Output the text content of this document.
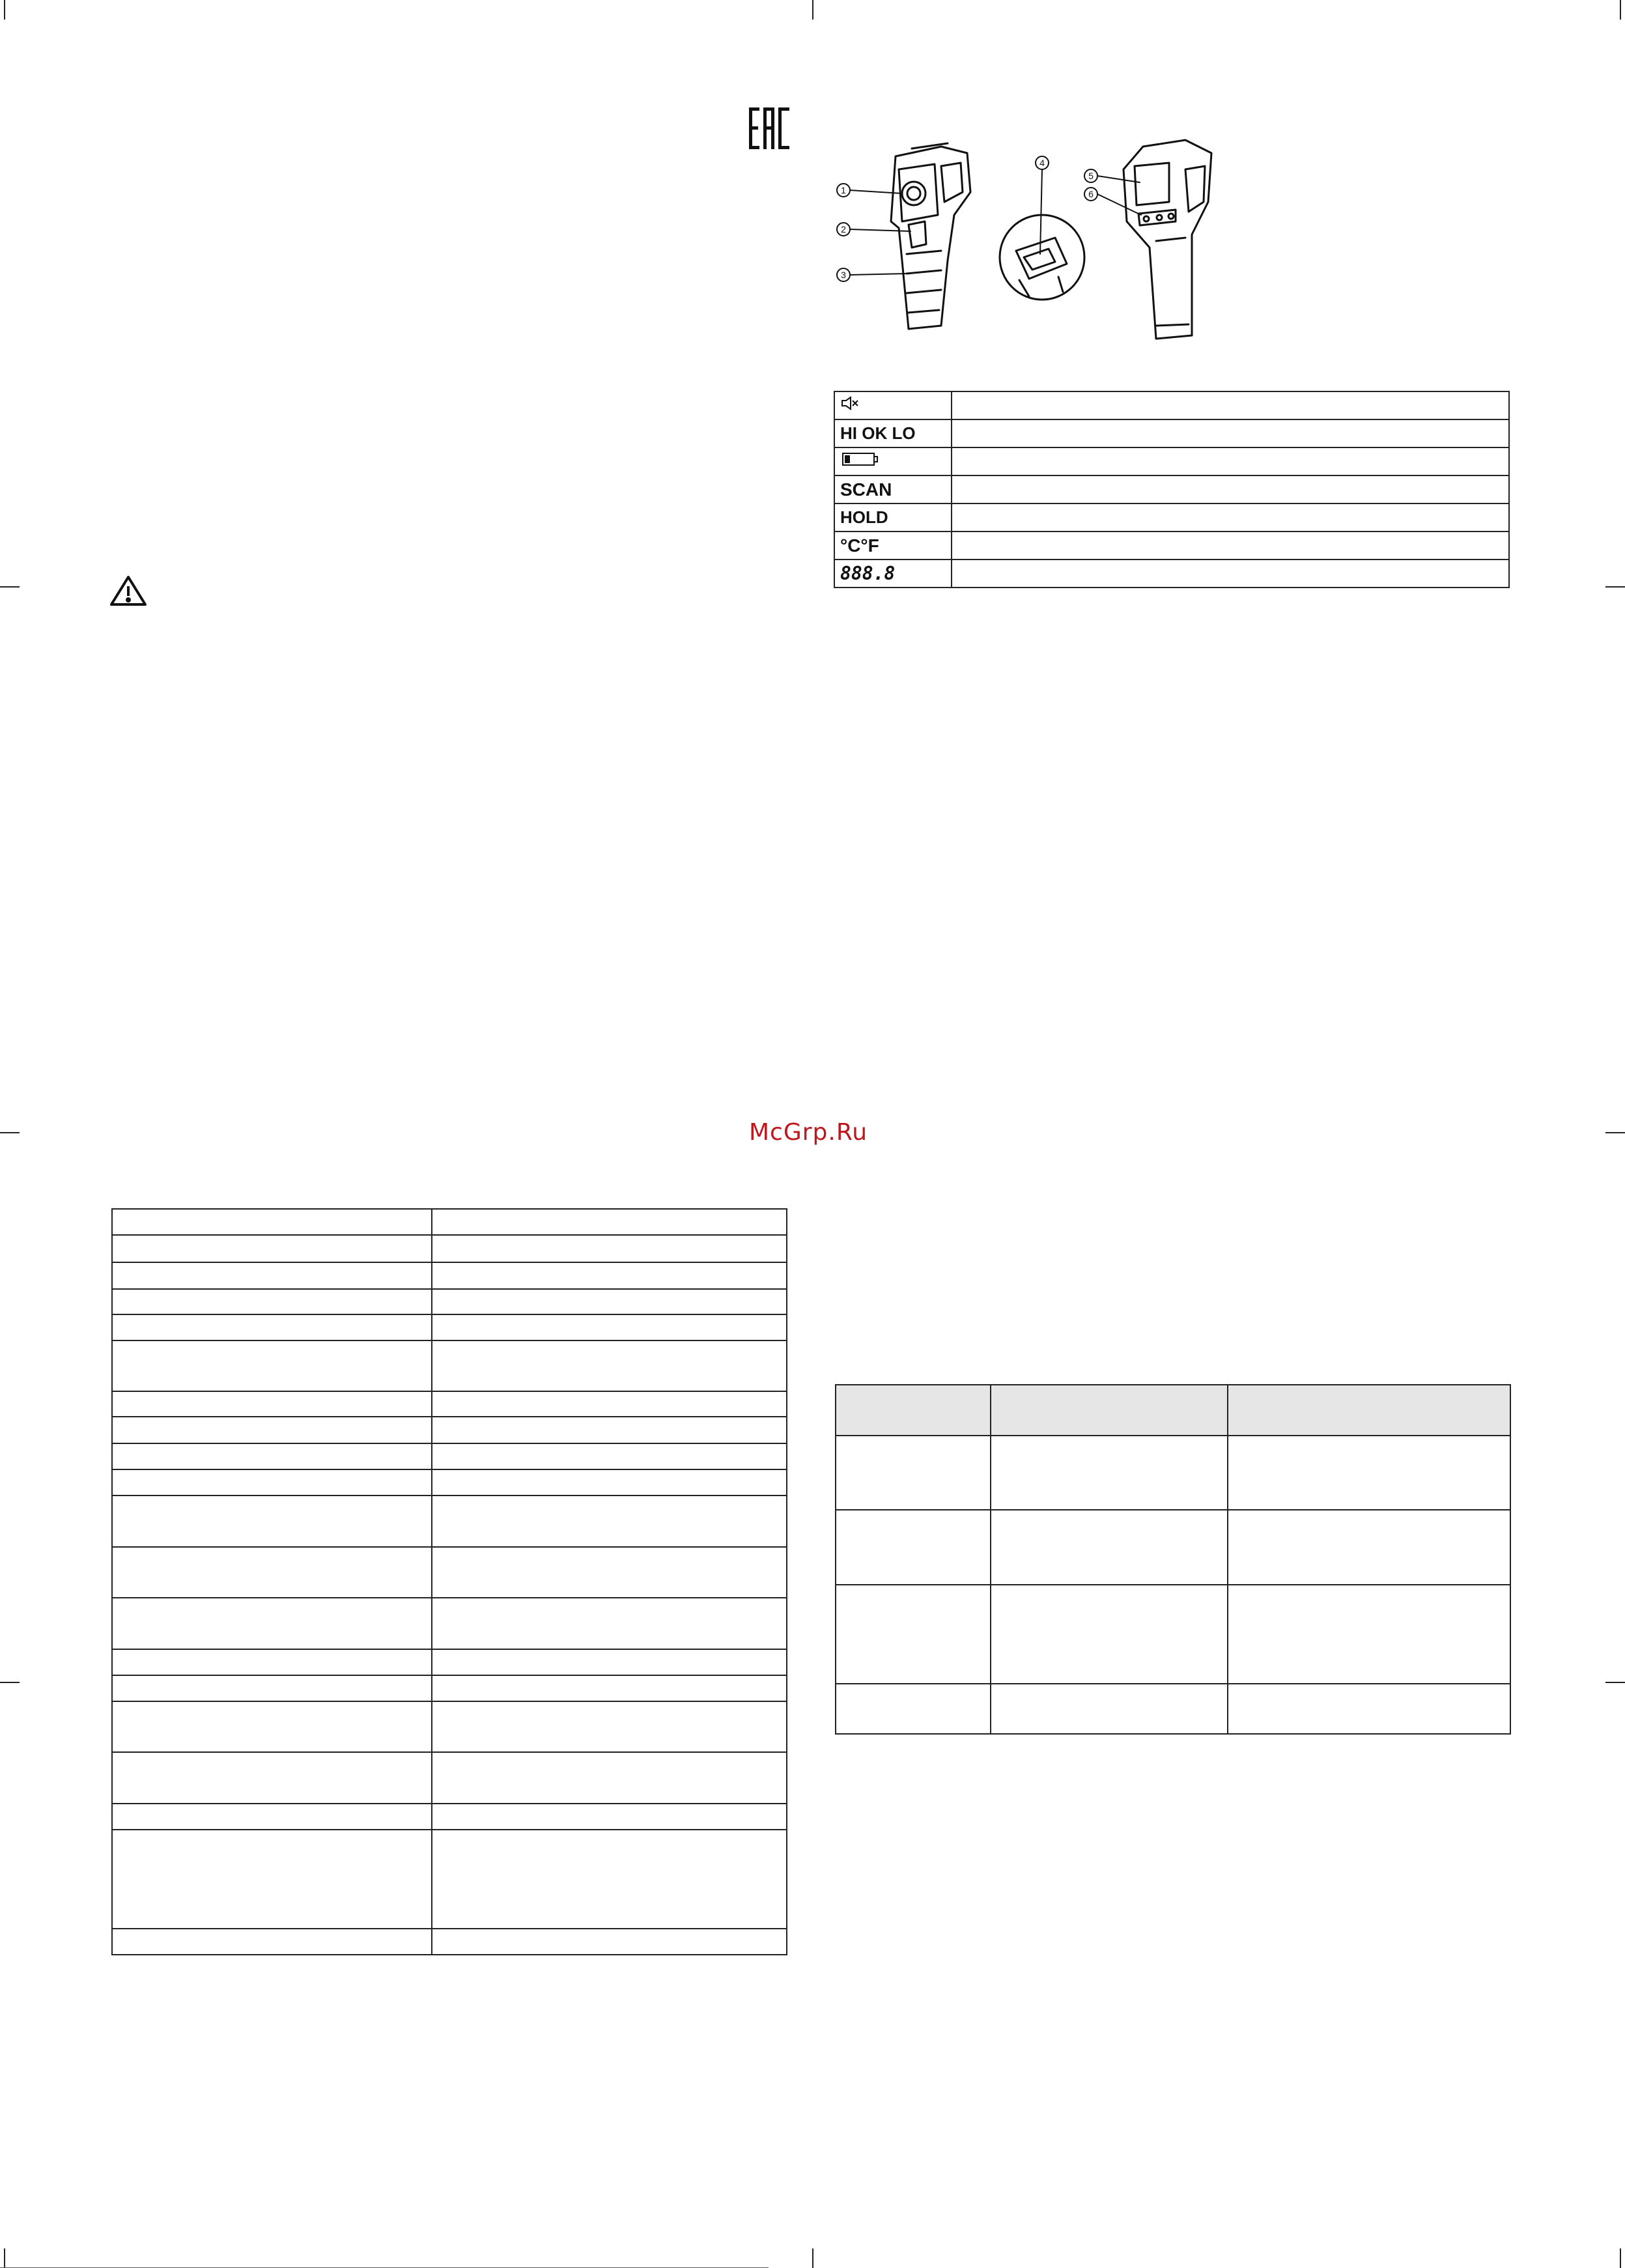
1
2
3
4
5
6

HI OK LO	

SCAN	
HOLD	
°C°F	
888.8	
McGrp.Ru
